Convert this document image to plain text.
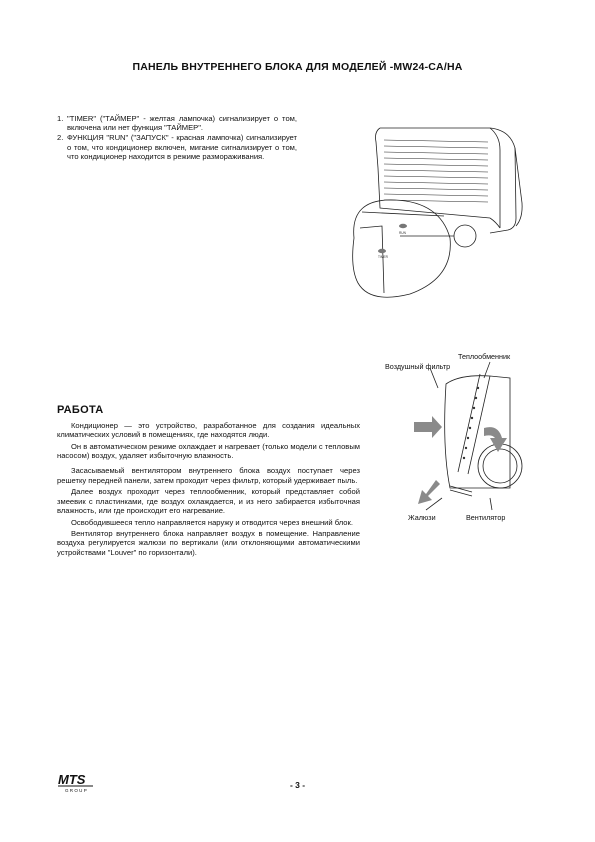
ПАНЕЛЬ ВНУТРЕННЕГО БЛОКА ДЛЯ МОДЕЛЕЙ -MW24-CA/HA
1. "TIMER" ("ТАЙМЕР" - желтая лампочка) сигнализирует о том, включена или нет функция "ТАЙМЕР".
2. ФУНКЦИЯ "RUN" ("ЗАПУСК" - красная лампочка) сигнализирует о том, что кондиционер включен, мигание сигнализирует о том, что кондиционер находится в режиме размораживания.
RUN
TIMER
Воздушный фильтр
Теплообменник
Жалюзи	Вентилятор
РАБОТА

Кондиционер — это устройство, разработанное для создания идеальных климатических условий в помещениях, где находятся люди.

Он в автоматическом режиме охлаждает и нагревает (только модели с тепловым насосом) воздух, удаляет избыточную влажность.

Засасываемый вентилятором внутреннего блока воздух поступает через решетку передней панели, затем проходит через фильтр, который удерживает пыль.

Далее воздух проходит через теплообменник, который представляет собой змеевик с пластинками, где воздух охлаждается, и из него забирается избыточная влажность, или где происходит его нагревание.

Освободившееся тепло направляется наружу и отводится через внешний блок.

Вентилятор внутреннего блока направляет воздух в помещение. Направление воздуха регулируется жалюзи по вертикали (или отклоняющими автоматическими устройствами "Louver" по горизонтали).

MTS
GROUP
- 3 -
